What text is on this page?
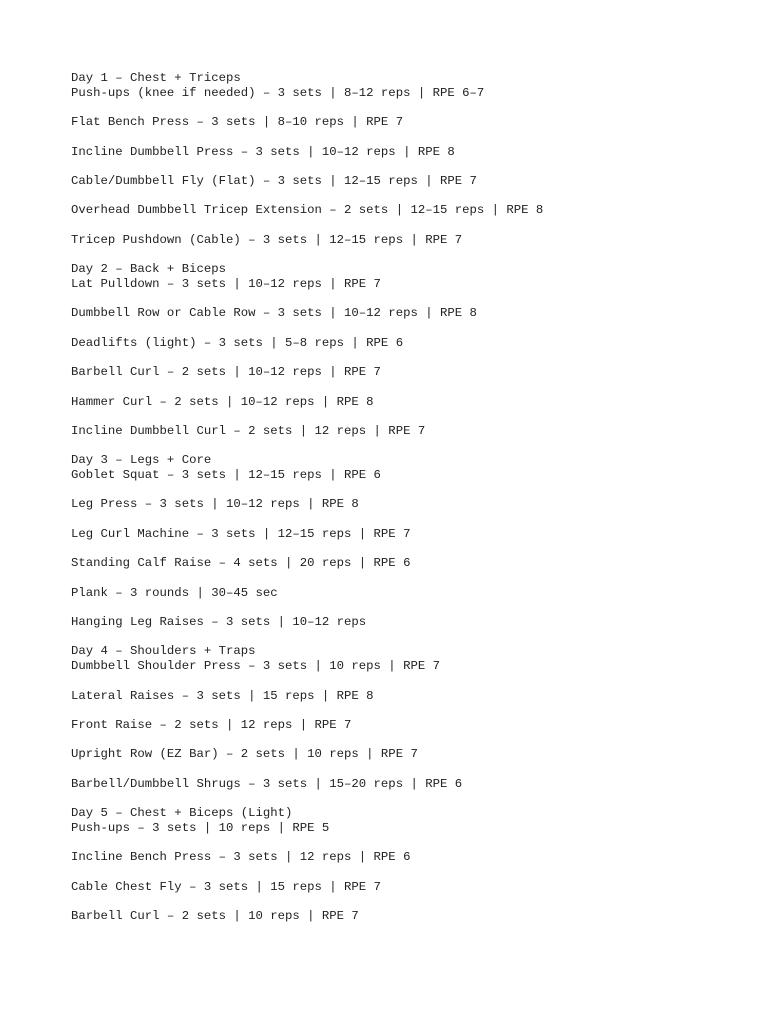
Day 1 – Chest + Triceps
Push-ups (knee if needed) – 3 sets | 8–12 reps | RPE 6–7
Flat Bench Press – 3 sets | 8–10 reps | RPE 7
Incline Dumbbell Press – 3 sets | 10–12 reps | RPE 8
Cable/Dumbbell Fly (Flat) – 3 sets | 12–15 reps | RPE 7
Overhead Dumbbell Tricep Extension – 2 sets | 12–15 reps | RPE 8
Tricep Pushdown (Cable) – 3 sets | 12–15 reps | RPE 7
Day 2 – Back + Biceps
Lat Pulldown – 3 sets | 10–12 reps | RPE 7
Dumbbell Row or Cable Row – 3 sets | 10–12 reps | RPE 8
Deadlifts (light) – 3 sets | 5–8 reps | RPE 6
Barbell Curl – 2 sets | 10–12 reps | RPE 7
Hammer Curl – 2 sets | 10–12 reps | RPE 8
Incline Dumbbell Curl – 2 sets | 12 reps | RPE 7
Day 3 – Legs + Core
Goblet Squat – 3 sets | 12–15 reps | RPE 6
Leg Press – 3 sets | 10–12 reps | RPE 8
Leg Curl Machine – 3 sets | 12–15 reps | RPE 7
Standing Calf Raise – 4 sets | 20 reps | RPE 6
Plank – 3 rounds | 30–45 sec
Hanging Leg Raises – 3 sets | 10–12 reps
Day 4 – Shoulders + Traps
Dumbbell Shoulder Press – 3 sets | 10 reps | RPE 7
Lateral Raises – 3 sets | 15 reps | RPE 8
Front Raise – 2 sets | 12 reps | RPE 7
Upright Row (EZ Bar) – 2 sets | 10 reps | RPE 7
Barbell/Dumbbell Shrugs – 3 sets | 15–20 reps | RPE 6
Day 5 – Chest + Biceps (Light)
Push-ups – 3 sets | 10 reps | RPE 5
Incline Bench Press – 3 sets | 12 reps | RPE 6
Cable Chest Fly – 3 sets | 15 reps | RPE 7
Barbell Curl – 2 sets | 10 reps | RPE 7
